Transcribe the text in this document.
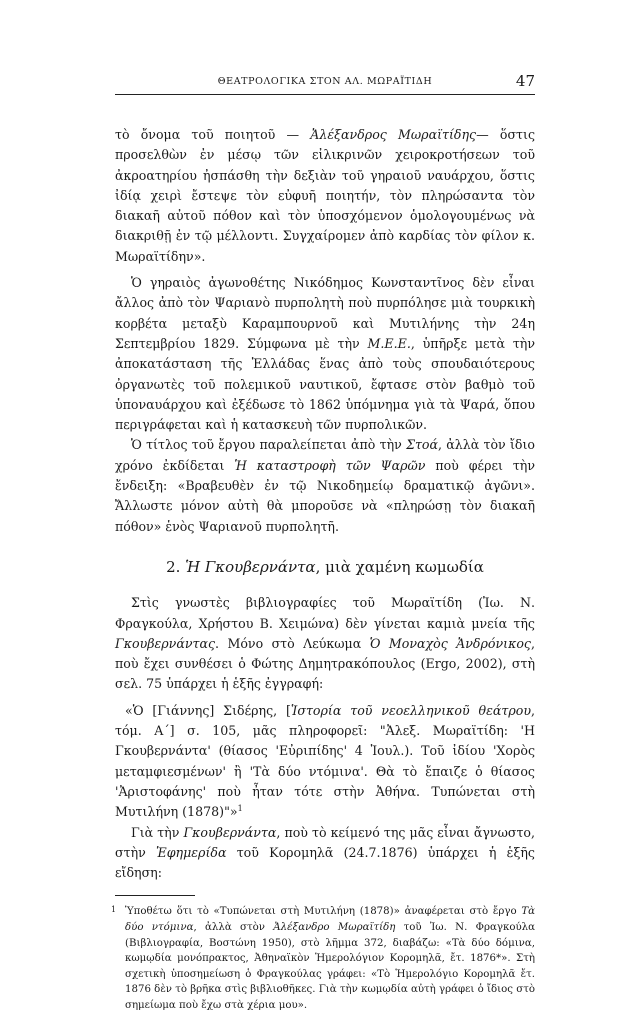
ΘΕΑΤΡΟΛΟΓΙΚΑ ΣΤΟΝ ΑΛ. ΜΩΡΑΪΤΙΔΗ	47

τὸ ὄνομα τοῦ ποιητοῦ — Ἀλέξανδρος Μωραϊτίδης— ὅστις προσελθὼν ἐν μέσῳ τῶν εἰλικρινῶν χειροκροτήσεων τοῦ ἀκροατηρίου ἠσπάσθη τὴν δεξιὰν τοῦ γηραιοῦ ναυάρχου, ὅστις ἰδίᾳ χειρὶ ἔστεψε τὸν εὐφυῆ ποιητήν, τὸν πληρώσαντα τὸν διακαῆ αὐτοῦ πόθον καὶ τὸν ὑποσχόμενον ὁμολογουμένως νὰ διακριθῇ ἐν τῷ μέλλοντι. Συγχαίρομεν ἀπὸ καρδίας τὸν φίλον κ. Μωραϊτίδην».

Ὁ γηραιὸς ἀγωνοθέτης Νικόδημος Κωνσταντῖνος δὲν εἶναι ἄλλος ἀπὸ τὸν Ψαριανὸ πυρπολητὴ ποὺ πυρπόλησε μιὰ τουρκικὴ κορβέτα μεταξὺ Καραμπουρνοῦ καὶ Μυτιλήνης τὴν 24η Σεπτεμβρίου 1829. Σύμφωνα μὲ τὴν Μ.Ε.Ε., ὑπῆρξε μετὰ τὴν ἀποκατάσταση τῆς Ἑλλάδας ἕνας ἀπὸ τοὺς σπουδαιότερους ὀργανωτὲς τοῦ πολεμικοῦ ναυτικοῦ, ἔφτασε στὸν βαθμὸ τοῦ ὑποναυάρχου καὶ ἐξέδωσε τὸ 1862 ὑπόμνημα γιὰ τὰ Ψαρά, ὅπου περιγράφεται καὶ ἡ κατασκευὴ τῶν πυρπολικῶν.

Ὁ τίτλος τοῦ ἔργου παραλείπεται ἀπὸ τὴν Στοά, ἀλλὰ τὸν ἴδιο χρόνο ἐκδίδεται Ἡ καταστροφὴ τῶν Ψαρῶν ποὺ φέρει τὴν ἔνδειξη: «Βραβευθὲν ἐν τῷ Νικοδημείῳ δραματικῷ ἀγῶνι». Ἄλλωστε μόνον αὐτὴ θὰ μποροῦσε νὰ «πληρώσῃ τὸν διακαῆ πόθον» ἑνὸς Ψαριανοῦ πυρπολητῆ.

2. Ἡ Γκουβερνάντα, μιὰ χαμένη κωμωδία

Στὶς γνωστὲς βιβλιογραφίες τοῦ Μωραϊτίδη (Ἰω. Ν. Φραγκούλα, Χρήστου Β. Χειμώνα) δὲν γίνεται καμιὰ μνεία τῆς Γκουβερνάντας. Μόνο στὸ Λεύκωμα Ὁ Μοναχὸς Ἀνδρόνικος, ποὺ ἔχει συνθέσει ὁ Φώτης Δημητρακόπουλος (Ergo, 2002), στὴ σελ. 75 ὑπάρχει ἡ ἑξῆς ἐγγραφή:

«Ὁ [Γιάννης] Σιδέρης, [Ἱστορία τοῦ νεοελληνικοῦ θεάτρου, τόμ. Α΄] σ. 105, μᾶς πληροφορεῖ: "Ἀλεξ. Μωραϊτίδη: 'Η Γκουβερνάντα' (θίασος 'Εὐριπίδης' 4 Ἰουλ.). Τοῦ ἰδίου 'Χορὸς μεταμφιεσμένων' ἢ 'Τὰ δύο ντόμινα'. Θὰ τὸ ἔπαιζε ὁ θίασος 'Ἀριστοφάνης' ποὺ ἦταν τότε στὴν Ἀθήνα. Τυπώνεται στὴ Μυτιλήνη (1878)"»$^1$

Γιὰ τὴν Γκουβερνάντα, ποὺ τὸ κείμενό της μᾶς εἶναι ἄγνωστο, στὴν Ἐφημερίδα τοῦ Κορομηλᾶ (24.7.1876) ὑπάρχει ἡ ἑξῆς εἴδηση:

1 Ὑποθέτω ὅτι τὸ «Τυπώνεται στὴ Μυτιλήνη (1878)» ἀναφέρεται στὸ ἔργο Τὰ δύο ντόμινα, ἀλλὰ στὸν Ἀλέξανδρο Μωραϊτίδη τοῦ Ἰω. Ν. Φραγκούλα (Βιβλιογραφία, Βοστώνη 1950), στὸ λῆμμα 372, διαβάζω: «Τὰ δύο δόμινα, κωμῳδία μονόπρακτος, Ἀθηναϊκὸν Ἡμερολόγιον Κορομηλᾶ, ἔτ. 1876*». Στὴ σχετικὴ ὑποσημείωση ὁ Φραγκούλας γράφει: «Τὸ Ἡμερολόγιο Κορομηλᾶ ἔτ. 1876 δὲν τὸ βρῆκα στὶς βιβλιοθῆκες. Γιὰ τὴν κωμῳδία αὐτὴ γράφει ὁ ἴδιος στὸ σημείωμα ποὺ ἔχω στὰ χέρια μου».
